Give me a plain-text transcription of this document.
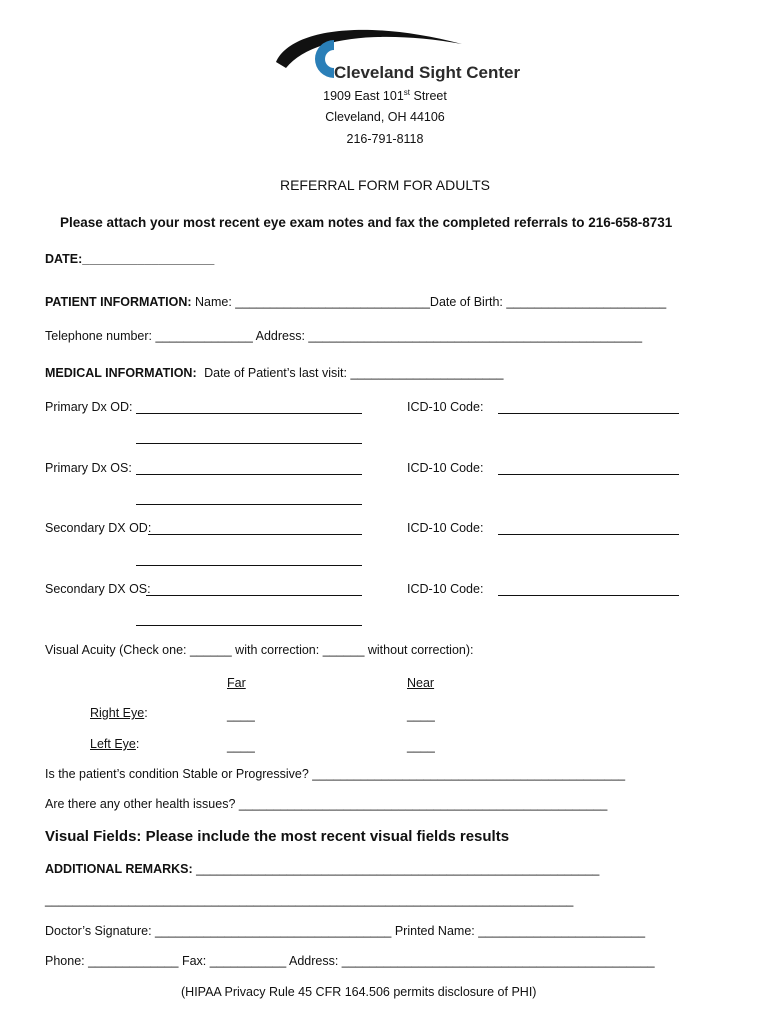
Cleveland Sight Center
1909 East 101st Street
Cleveland, OH 44106
216-791-8118
REFERRAL FORM FOR ADULTS
Please attach your most recent eye exam notes and fax the completed referrals to 216-658-8731
DATE:___________________
PATIENT INFORMATION: Name: ____________________________Date of Birth: _______________________
Telephone number: ______________ Address: ________________________________________________
MEDICAL INFORMATION: Date of Patient’s last visit: ______________________
Primary Dx OD:	ICD-10 Code:
Primary Dx OS:	ICD-10 Code:
Secondary DX OD:	ICD-10 Code:
Secondary DX OS:	ICD-10 Code:
Visual Acuity (Check one: ______ with correction: ______ without correction):
Far	Near
Right Eye:	____	____
Left Eye:	____	____
Is the patient’s condition Stable or Progressive? _____________________________________________
Are there any other health issues? _____________________________________________________
Visual Fields: Please include the most recent visual fields results
ADDITIONAL REMARKS: __________________________________________________________
____________________________________________________________________________
Doctor’s Signature: __________________________________ Printed Name: ________________________
Phone: _____________ Fax: ___________ Address: _____________________________________________
(HIPAA Privacy Rule 45 CFR 164.506 permits disclosure of PHI)
